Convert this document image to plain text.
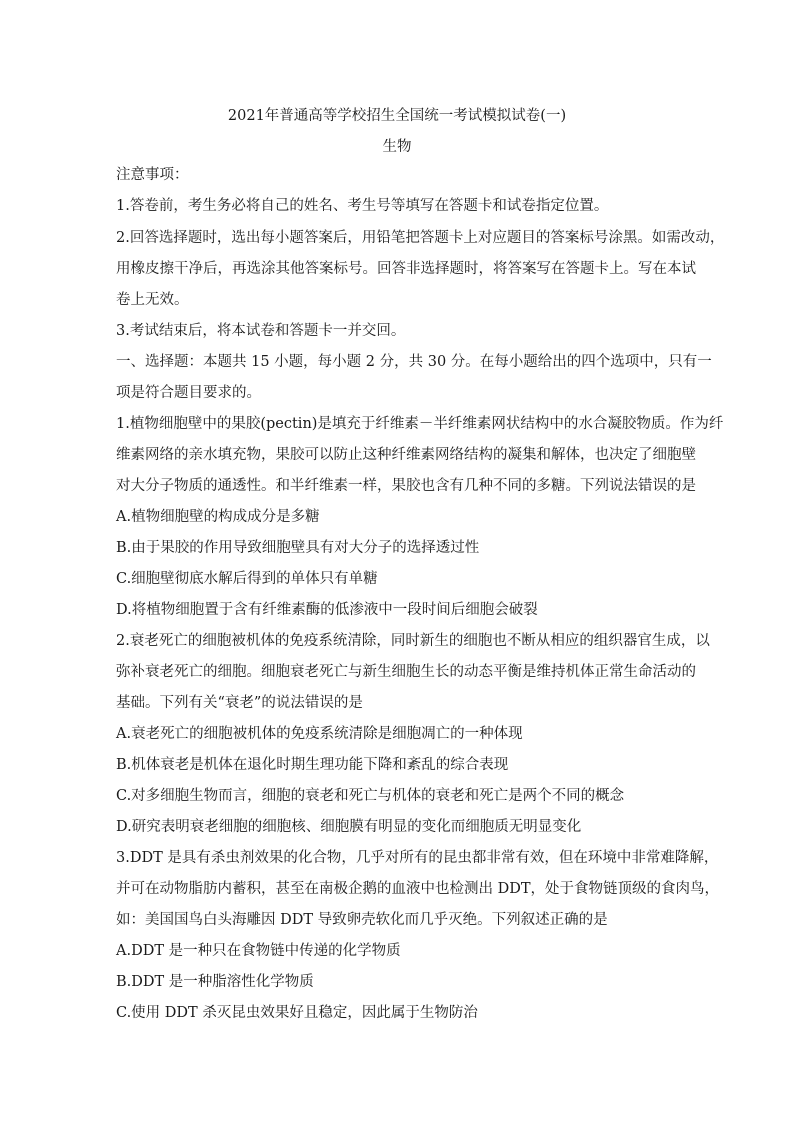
2021年普通高等学校招生全国统一考试模拟试卷(一)
生物
注意事项：
1.答卷前，考生务必将自己的姓名、考生号等填写在答题卡和试卷指定位置。
2.回答选择题时，选出每小题答案后，用铅笔把答题卡上对应题目的答案标号涂黑。如需改动，
用橡皮擦干净后，再选涂其他答案标号。回答非选择题时，将答案写在答题卡上。写在本试
卷上无效。
3.考试结束后，将本试卷和答题卡一并交回。
一、选择题：本题共 15 小题，每小题 2 分，共 30 分。在每小题给出的四个选项中，只有一
项是符合题目要求的。
1.植物细胞壁中的果胶(pectin)是填充于纤维素－半纤维素网状结构中的水合凝胶物质。作为纤
维素网络的亲水填充物，果胶可以防止这种纤维素网络结构的凝集和解体，也决定了细胞壁
对大分子物质的通透性。和半纤维素一样，果胶也含有几种不同的多糖。下列说法错误的是
A.植物细胞壁的构成成分是多糖
B.由于果胶的作用导致细胞壁具有对大分子的选择透过性
C.细胞壁彻底水解后得到的单体只有单糖
D.将植物细胞置于含有纤维素酶的低渗液中一段时间后细胞会破裂
2.衰老死亡的细胞被机体的免疫系统清除，同时新生的细胞也不断从相应的组织器官生成，以
弥补衰老死亡的细胞。细胞衰老死亡与新生细胞生长的动态平衡是维持机体正常生命活动的
基础。下列有关“衰老”的说法错误的是
A.衰老死亡的细胞被机体的免疫系统清除是细胞凋亡的一种体现
B.机体衰老是机体在退化时期生理功能下降和紊乱的综合表现
C.对多细胞生物而言，细胞的衰老和死亡与机体的衰老和死亡是两个不同的概念
D.研究表明衰老细胞的细胞核、细胞膜有明显的变化而细胞质无明显变化
3.DDT 是具有杀虫剂效果的化合物，几乎对所有的昆虫都非常有效，但在环境中非常难降解，
并可在动物脂肪内蓄积，甚至在南极企鹅的血液中也检测出 DDT，处于食物链顶级的食肉鸟，
如：美国国鸟白头海雕因 DDT 导致卵壳软化而几乎灭绝。下列叙述正确的是
A.DDT 是一种只在食物链中传递的化学物质
B.DDT 是一种脂溶性化学物质
C.使用 DDT 杀灭昆虫效果好且稳定，因此属于生物防治
